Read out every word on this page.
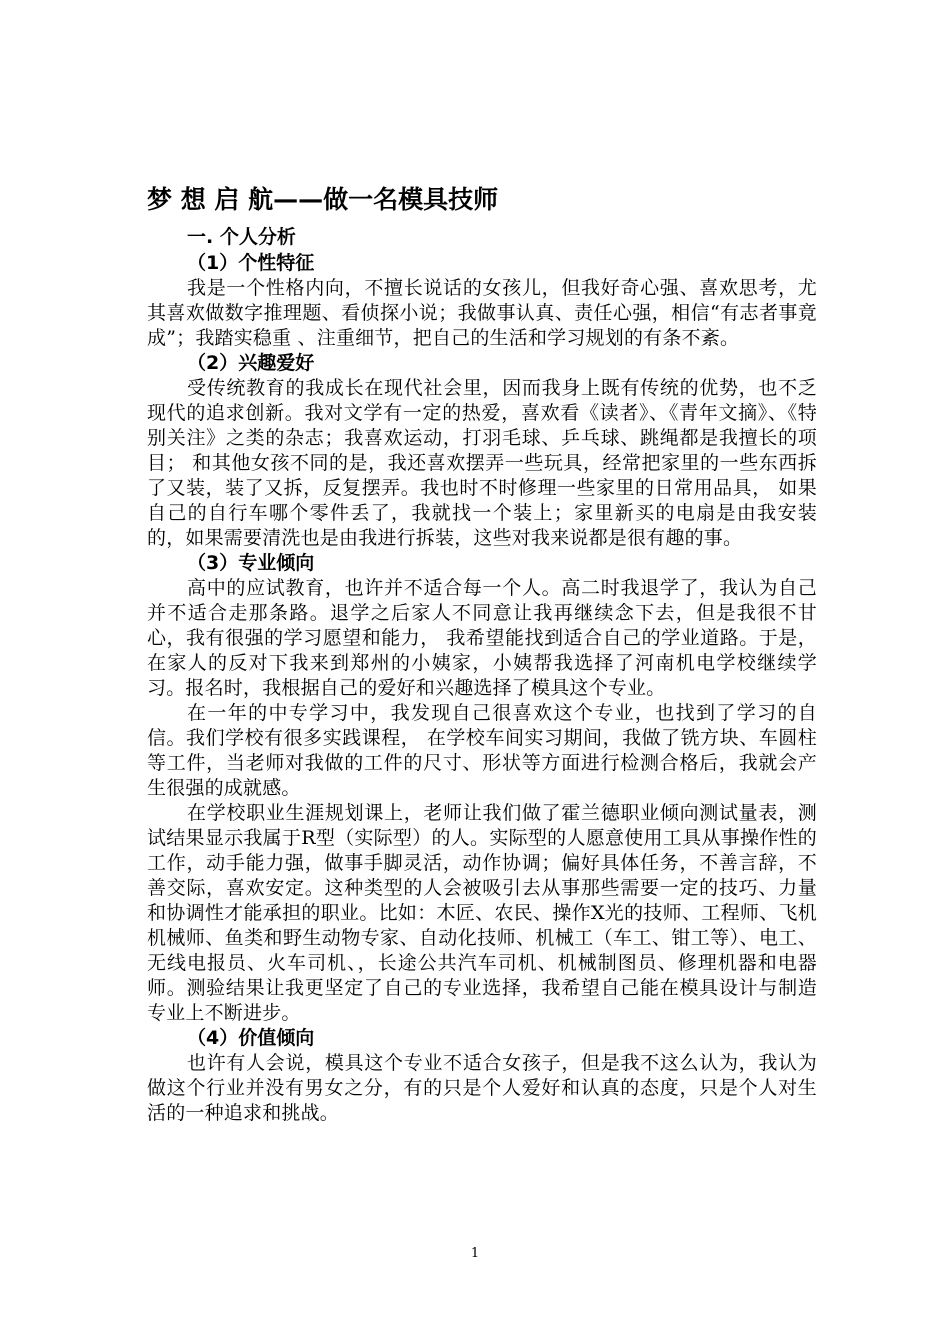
梦 想 启 航——做一名模具技师
一. 个人分析
（1）个性特征

我是一个性格内向，不擅长说话的女孩儿，但我好奇心强、喜欢思考，尤其喜欢做数字推理题、看侦探小说；我做事认真、责任心强，相信“有志者事竟成”；我踏实稳重 、注重细节，把自己的生活和学习规划的有条不紊。

（2）兴趣爱好

受传统教育的我成长在现代社会里，因而我身上既有传统的优势，也不乏现代的追求创新。我对文学有一定的热爱，喜欢看《读者》、《青年文摘》、《特别关注》之类的杂志；我喜欢运动，打羽毛球、乒乓球、跳绳都是我擅长的项目； 和其他女孩不同的是，我还喜欢摆弄一些玩具，经常把家里的一些东西拆了又装，装了又拆，反复摆弄。我也时不时修理一些家里的日常用品具， 如果自己的自行车哪个零件丢了，我就找一个装上；家里新买的电扇是由我安装的，如果需要清洗也是由我进行拆装，这些对我来说都是很有趣的事。

（3）专业倾向

高中的应试教育，也许并不适合每一个人。高二时我退学了，我认为自己并不适合走那条路。退学之后家人不同意让我再继续念下去，但是我很不甘心，我有很强的学习愿望和能力， 我希望能找到适合自己的学业道路。于是，在家人的反对下我来到郑州的小姨家，小姨帮我选择了河南机电学校继续学习。报名时，我根据自己的爱好和兴趣选择了模具这个专业。

在一年的中专学习中，我发现自己很喜欢这个专业，也找到了学习的自信。我们学校有很多实践课程， 在学校车间实习期间，我做了铣方块、车圆柱等工件，当老师对我做的工件的尺寸、形状等方面进行检测合格后，我就会产生很强的成就感。

在学校职业生涯规划课上，老师让我们做了霍兰德职业倾向测试量表，测试结果显示我属于R型（实际型）的人。实际型的人愿意使用工具从事操作性的工作，动手能力强，做事手脚灵活，动作协调；偏好具体任务，不善言辞，不善交际，喜欢安定。这种类型的人会被吸引去从事那些需要一定的技巧、力量和协调性才能承担的职业。比如：木匠、农民、操作X光的技师、工程师、飞机机械师、鱼类和野生动物专家、自动化技师、机械工（车工、钳工等）、电工、无线电报员、火车司机、，长途公共汽车司机、机械制图员、修理机器和电器师。测验结果让我更坚定了自己的专业选择，我希望自己能在模具设计与制造专业上不断进步。

（4）价值倾向

也许有人会说，模具这个专业不适合女孩子，但是我不这么认为，我认为做这个行业并没有男女之分，有的只是个人爱好和认真的态度，只是个人对生活的一种追求和挑战。

1
